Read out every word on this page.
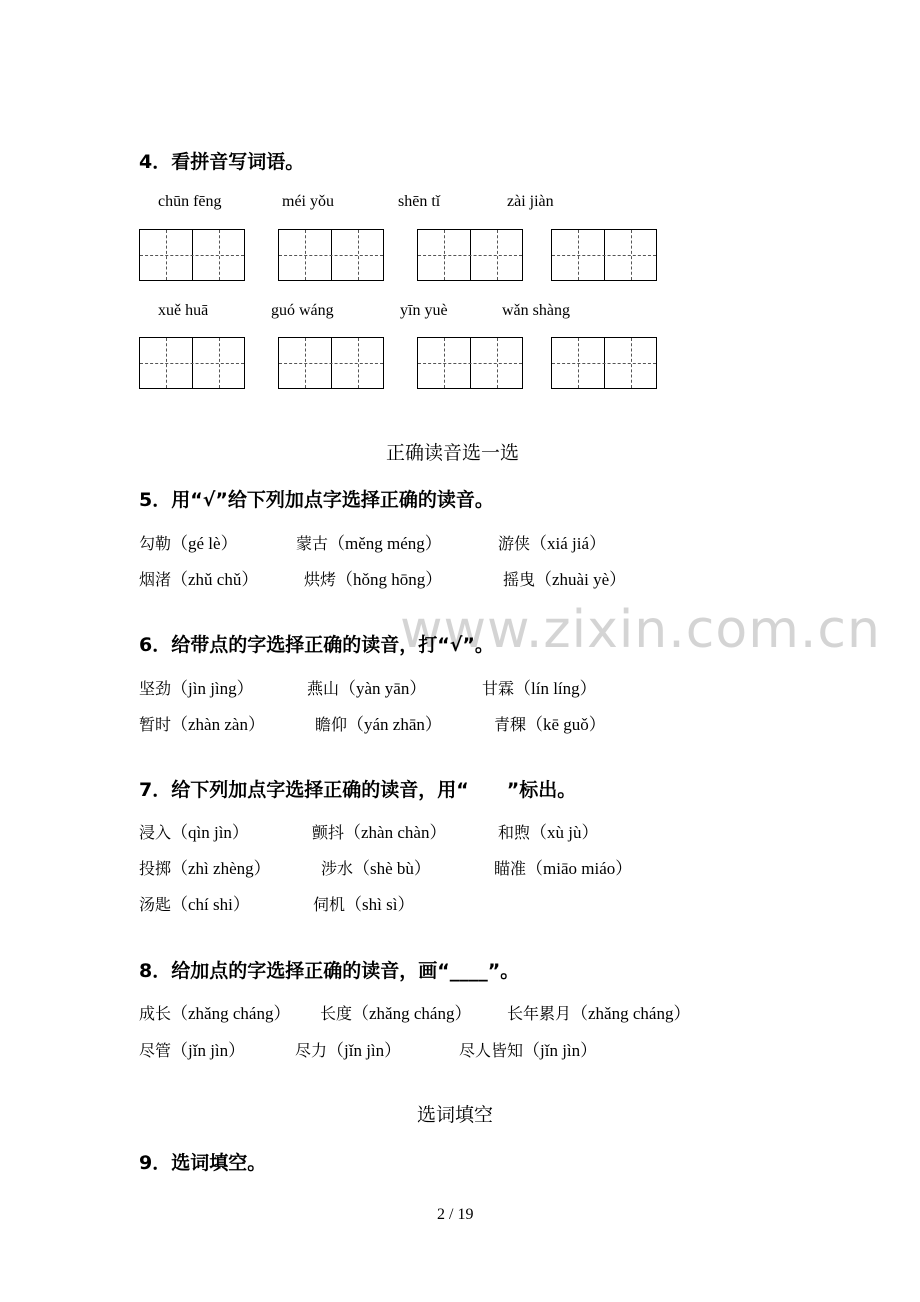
www.zixin.com.cn
4．看拼音写词语。
chūn fēng	méi yǒu	shēn tǐ	zài jiàn
xuě huā	guó wáng	yīn yuè	wǎn shàng
正确读音选一选
5．用“√”给下列加点字选择正确的读音。
勾勒（gé lè）	蒙古（měng méng）	游侠（xiá jiá）
烟渚（zhǔ chǔ）	烘烤（hǒng hōng）	摇曳（zhuài yè）
6．给带点的字选择正确的读音，打“√”。
坚劲（jìn jìng）	燕山（yàn yān）	甘霖（lín líng）
暂时（zhàn zàn）	瞻仰（yán zhān）	青稞（kē guǒ）
7．给下列加点字选择正确的读音，用“　　”标出。
浸入（qìn jìn）	颤抖（zhàn chàn）	和煦（xù jù）
投掷（zhì zhèng）	涉水（shè bù）	瞄准（miāo miáo）
汤匙（chí shi）	伺机（shì sì）
8．给加点的字选择正确的读音，画“____”。
成长（zhǎng cháng） 长度（zhǎng cháng） 长年累月（zhǎng cháng）
尽管（jǐn jìn）	尽力（jǐn jìn）	尽人皆知（jǐn jìn）
选词填空
9．选词填空。
2 / 19
